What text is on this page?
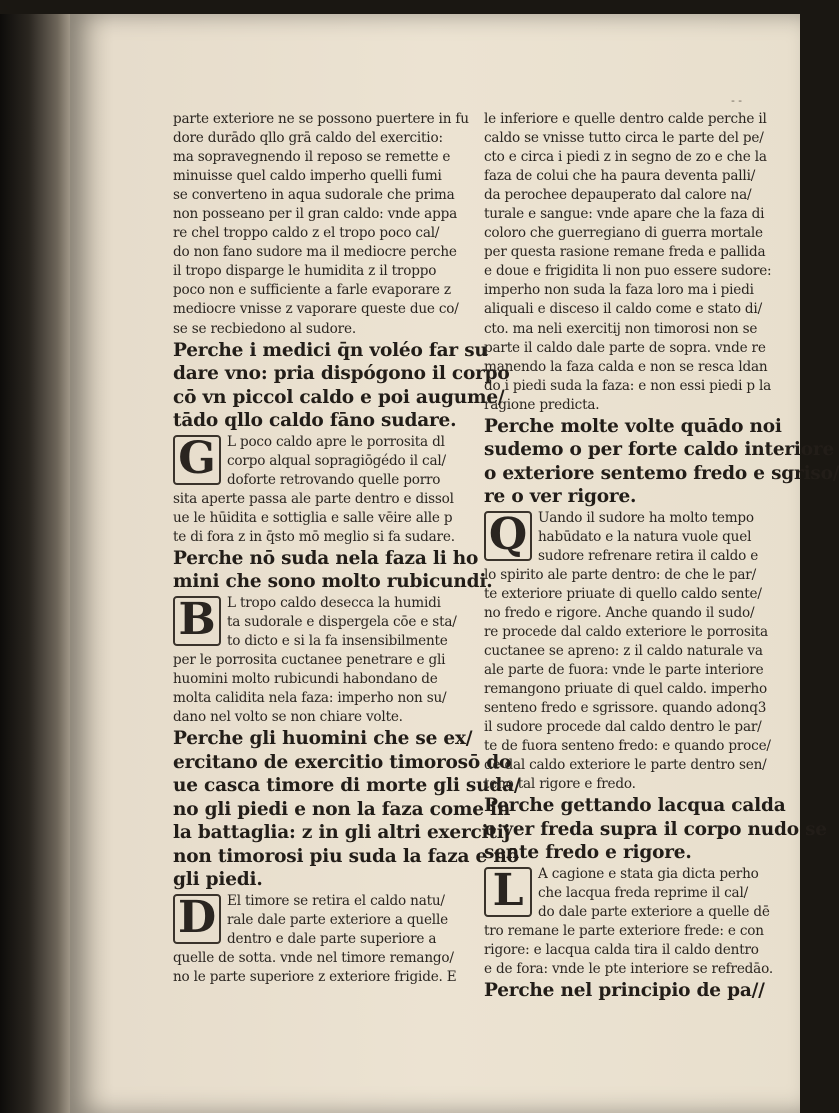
- -
parte exteriore ne se possono puertere in fu
dore durādo qllo grā caldo del exercitio:
ma sopravegnendo il reposo se remette e
minuisse quel caldo imperho quelli fumi
se converteno in aqua sudorale che prima
non posseano per il gran caldo: vnde appa
re chel troppo caldo z el tropo poco cal/
do non fano sudore ma il mediocre perche
il tropo disparge le humidita z il troppo
poco non e sufficiente a farle evaporare z
mediocre vnisse z vaporare queste due co/
se se recbiedono al sudore.
Perche i medici q̄n voléo far su
dare vno: pria dispógono il corpo
cō vn piccol caldo e poi augume/
tādo qllo caldo fāno sudare.
G L poco caldo apre le porrosita dl
corpo alqual sopragiōgédo il cal/
doforte retrovando quelle porro
sita aperte passa ale parte dentro e dissol
ue le hūidita e sottiglia e salle vēire alle p
te di fora z in q̄sto mō meglio si fa sudare.
Perche nō suda nela faza li ho
mini che sono molto rubicundi.
B L tropo caldo desecca la humidi
ta sudorale e dispergela cōe e sta/
to dicto e si la fa insensibilmente
per le porrosita cuctanee penetrare e gli
huomini molto rubicundi habondano de
molta calidita nela faza: imperho non su/
dano nel volto se non chiare volte.
Perche gli huomini che se ex/
ercitano de exercitio timorosō do
ue casca timore di morte gli suda/
no gli piedi e non la faza come in
la battaglia: z in gli altri exercitij
non timorosi piu suda la faza e nō
gli piedi.
D El timore se retira el caldo natu/
rale dale parte exteriore a quelle
dentro e dale parte superiore a
quelle de sotta. vnde nel timore remango/
no le parte superiore z exteriore frigide. E
le inferiore e quelle dentro calde perche il
caldo se vnisse tutto circa le parte del pe/
cto e circa i piedi z in segno de zo e che la
faza de colui che ha paura deventa palli/
da perochee depauperato dal calore na/
turale e sangue: vnde apare che la faza di
coloro che guerregiano di guerra mortale
per questa rasione remane freda e pallida
e doue e frigidita li non puo essere sudore:
imperho non suda la faza loro ma i piedi
aliquali e disceso il caldo come e stato di/
cto. ma neli exercitij non timorosi non se
parte il caldo dale parte de sopra. vnde re
manendo la faza calda e non se resca ldan
do i piedi suda la faza: e non essi piedi p la
ragione predicta.
Perche molte volte quādo noi
sudemo o per forte caldo interiore
o exteriore sentemo fredo e sgriso/
re o ver rigore.
Q Uando il sudore ha molto tempo
habūdato e la natura vuole quel
sudore refrenare retira il caldo e
lo spirito ale parte dentro: de che le par/
te exteriore priuate di quello caldo sente/
no fredo e rigore. Anche quando il sudo/
re procede dal caldo exteriore le porrosita
cuctanee se apreno: z il caldo naturale va
ale parte de fuora: vnde le parte interiore
remangono priuate di quel caldo. imperho
senteno fredo e sgrissore. quando adonq3
il sudore procede dal caldo dentro le par/
te de fuora senteno fredo: e quando proce/
de dal caldo exteriore le parte dentro sen/
teno tal rigore e fredo.
Perche gettando lacqua calda
o ver freda supra il corpo nudo se
sente fredo e rigore.
L	A cagione e stata gia dicta perho
che lacqua freda reprime il cal/
do dale parte exteriore a quelle dē
tro remane le parte exteriore frede: e con
rigore: e lacqua calda tira il caldo dentro
e de fora: vnde le pte interiore se refredāo.
Perche nel principio de pa//
